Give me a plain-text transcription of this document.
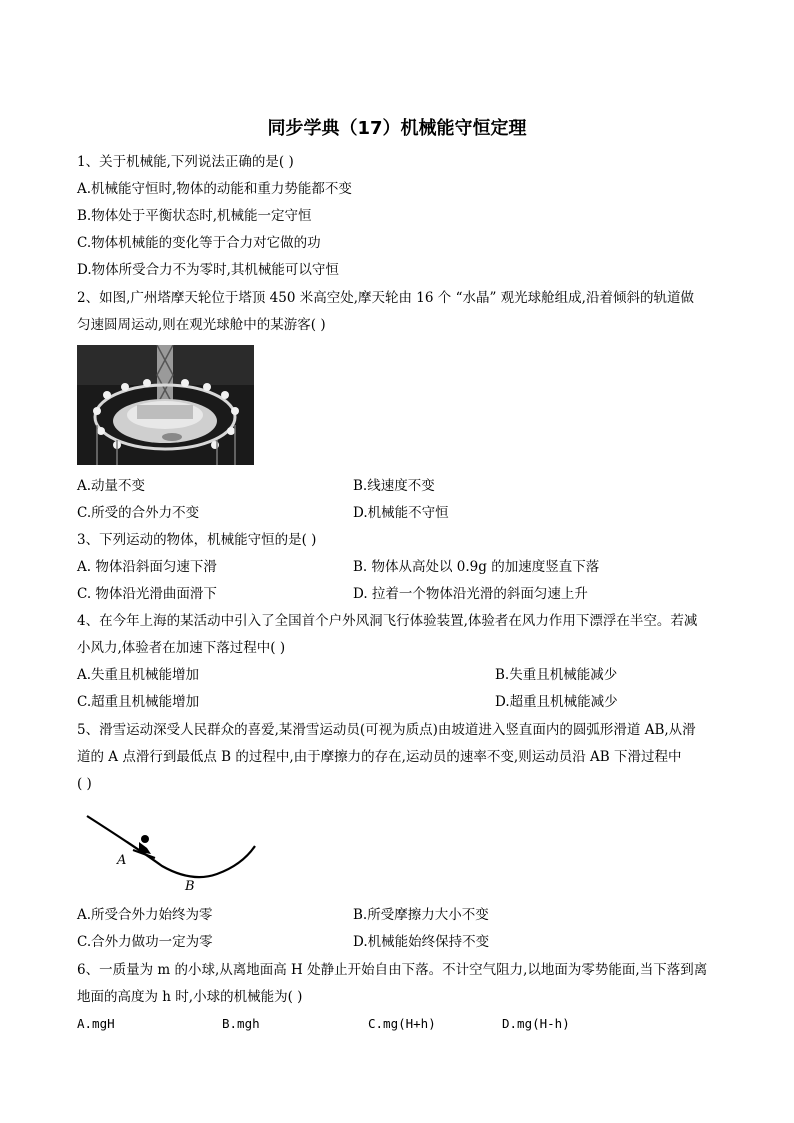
同步学典（17）机械能守恒定理
1、关于机械能,下列说法正确的是( )
A.机械能守恒时,物体的动能和重力势能都不变
B.物体处于平衡状态时,机械能一定守恒
C.物体机械能的变化等于合力对它做的功
D.物体所受合力不为零时,其机械能可以守恒
2、如图,广州塔摩天轮位于塔顶 450 米高空处,摩天轮由 16 个 “水晶” 观光球舱组成,沿着倾斜的轨道做
匀速圆周运动,则在观光球舱中的某游客( )
A.动量不变	B.线速度不变
C.所受的合外力不变	D.机械能不守恒
3、下列运动的物体，机械能守恒的是( )
A. 物体沿斜面匀速下滑	B. 物体从高处以 0.9g 的加速度竖直下落
C. 物体沿光滑曲面滑下	D. 拉着一个物体沿光滑的斜面匀速上升
4、在今年上海的某活动中引入了全国首个户外风洞飞行体验装置,体验者在风力作用下漂浮在半空。若减
小风力,体验者在加速下落过程中( )
A.失重且机械能增加	B.失重且机械能减少
C.超重且机械能增加	D.超重且机械能减少
5、滑雪运动深受人民群众的喜爱,某滑雪运动员(可视为质点)由坡道进入竖直面内的圆弧形滑道 AB,从滑
道的 A 点滑行到最低点 B 的过程中,由于摩擦力的存在,运动员的速率不变,则运动员沿 AB 下滑过程中
( )
A
B
A.所受合外力始终为零	B.所受摩擦力大小不变
C.合外力做功一定为零	D.机械能始终保持不变
6、一质量为 m 的小球,从离地面高 H 处静止开始自由下落。不计空气阻力,以地面为零势能面,当下落到离
地面的高度为 h 时,小球的机械能为( )
A.mgH	B.mgh	C.mg(H+h)	D.mg(H-h)
